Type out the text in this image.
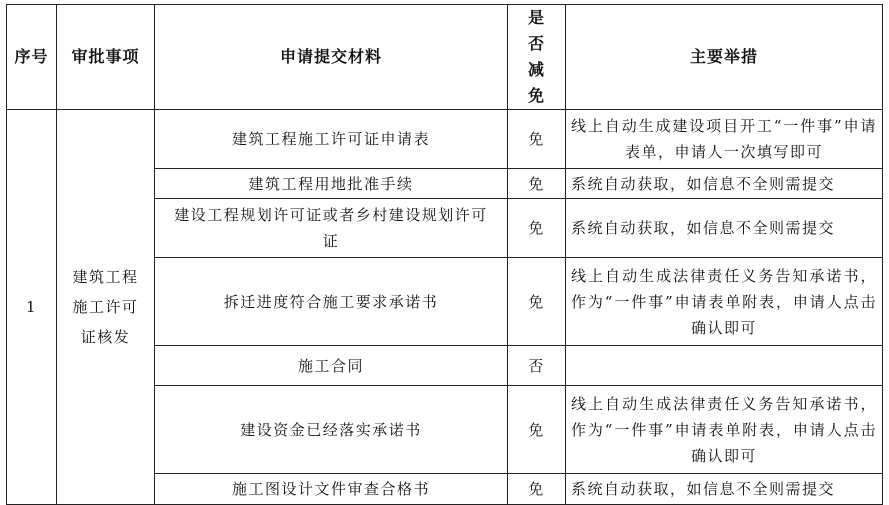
序号	审批事项	申请提交材料	是否减免	主要举措
1	建筑工程施工许可证核发	建筑工程施工许可证申请表	免	线上自动生成建设项目开工“一件事”申请表单，申请人一次填写即可
		建筑工程用地批准手续	免	系统自动获取，如信息不全则需提交
		建设工程规划许可证或者乡村建设规划许可证	免	系统自动获取，如信息不全则需提交
		拆迁进度符合施工要求承诺书	免	线上自动生成法律责任义务告知承诺书，作为“一件事”申请表单附表，申请人点击确认即可
		施工合同	否	
		建设资金已经落实承诺书	免	线上自动生成法律责任义务告知承诺书，作为“一件事”申请表单附表，申请人点击确认即可
		施工图设计文件审查合格书	免	系统自动获取，如信息不全则需提交
